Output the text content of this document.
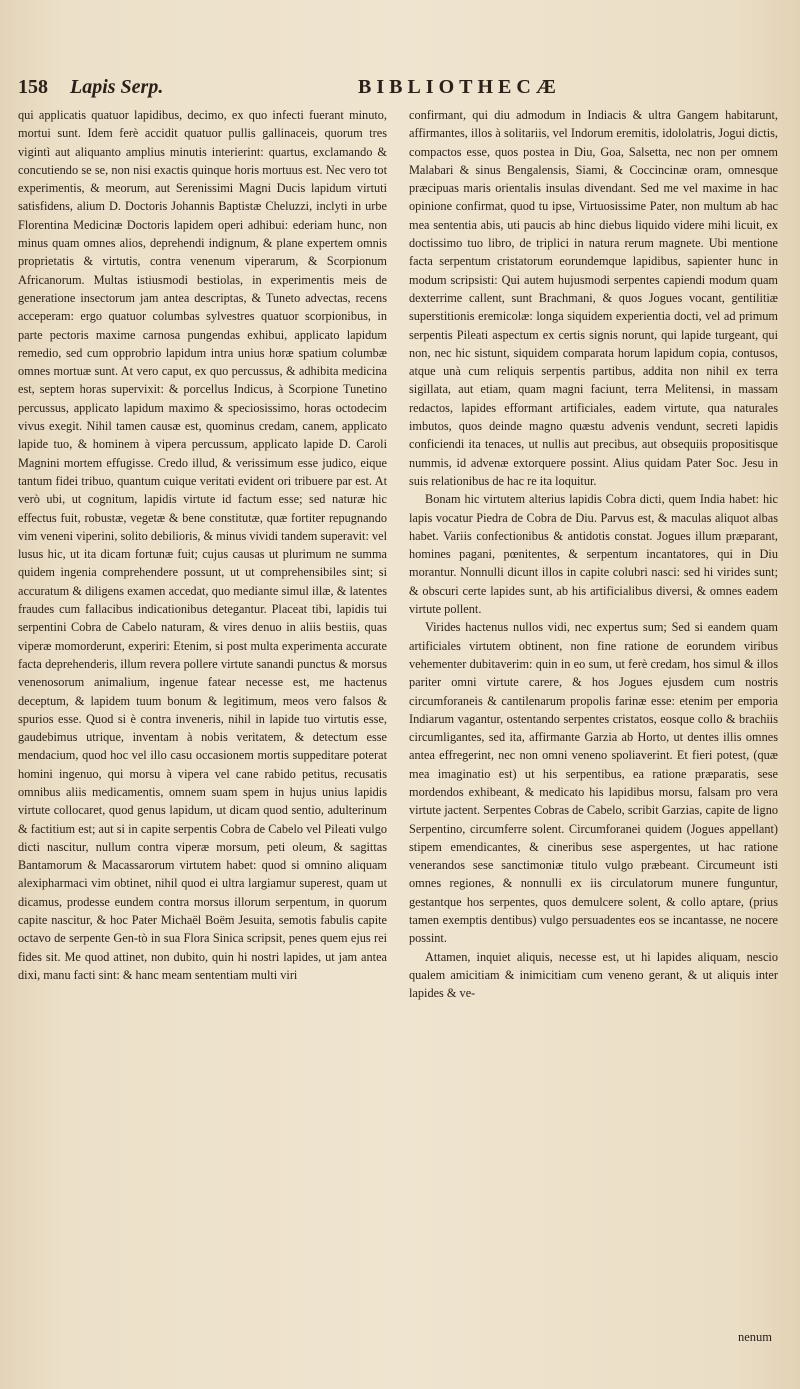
158 Lapis Serp.	BIBLIOTHECÆ

qui applicatis quatuor lapidibus, decimo, ex quo infecti fuerant minuto, mortui sunt. Idem ferè accidit quatuor pullis gallinaceis, quorum tres vigintì aut aliquanto amplius minutis interierint: quartus, exclamando & concutiendo se se, non nisi exactis quinque horis mortuus est. Nec vero tot experimentis, & meorum, aut Serenissimi Magni Ducis lapidum virtuti satisfidens, alium D. Doctoris Johannis Baptistæ Cheluzzi, inclyti in urbe Florentina Medicinæ Doctoris lapidem operi adhibui: ederiam hunc, non minus quam omnes alios, deprehendi indignum, & plane expertem omnis proprietatis & virtutis, contra venenum viperarum, & Scorpionum Africanorum. Multas istiusmodi bestiolas, in experimentis meis de generatione insectorum jam antea descriptas, & Tuneto advectas, recens acceperam: ergo quatuor columbas sylvestres quatuor scorpionibus, in parte pectoris maxime carnosa pungendas exhibui, applicato lapidum remedio, sed cum opprobrio lapidum intra unius horæ spatium columbæ omnes mortuæ sunt. At vero caput, ex quo percussus, & adhibita medicina est, septem horas supervixit: & porcellus Indicus, à Scorpione Tunetino percussus, applicato lapidum maximo & speciosissimo, horas octodecim vivus exegit. Nihil tamen causæ est, quominus credam, canem, applicato lapide tuo, & hominem à vipera percussum, applicato lapide D. Caroli Magnini mortem effugisse. Credo illud, & verissimum esse judico, eique tantum fidei tribuo, quantum cuique veritati evident ori tribuere par est. At verò ubi, ut cognitum, lapidis virtute id factum esse; sed naturæ hic effectus fuit, robustæ, vegetæ & bene constitutæ, quæ fortiter repugnando vim veneni viperini, solito debilioris, & minus vividi tandem superavit: vel lusus hic, ut ita dicam fortunæ fuit; cujus causas ut plurimum ne summa quidem ingenia comprehendere possunt, ut ut comprehensibiles sint; si accuratum & diligens examen accedat, quo mediante simul illæ, & latentes fraudes cum fallacibus indicationibus detegantur. Placeat tibi, lapidis tui serpentini Cobra de Cabelo naturam, & vires denuo in aliis bestiis, quas viperæ momorderunt, experiri: Etenim, si post multa experimenta accurate facta deprehenderis, illum revera pollere virtute sanandi punctus & morsus venenosorum animalium, ingenue fatear necesse est, me hactenus deceptum, & lapidem tuum bonum & legitimum, meos vero falsos & spurios esse. Quod si è contra inveneris, nihil in lapide tuo virtutis esse, gaudebimus utrique, inventam à nobis veritatem, & detectum esse mendacium, quod hoc vel illo casu occasionem mortis suppeditare poterat homini ingenuo, qui morsu à vipera vel cane rabido petitus, recusatis omnibus aliis medicamentis, omnem suam spem in hujus unius lapidis virtute collocaret, quod genus lapidum, ut dicam quod sentio, adulterinum & factitium est; aut si in capite serpentis Cobra de Cabelo vel Pileati vulgo dicti nascitur, nullum contra viperæ morsum, peti oleum, & sagittas Bantamorum & Macassarorum virtutem habet: quod si omnino aliquam alexipharmaci vim obtinet, nihil quod ei ultra largiamur superest, quam ut dicamus, prodesse eundem contra morsus illorum serpentum, in quorum capite nascitur, & hoc Pater Michaël Boëm Jesuita, semotis fabulis capite octavo de serpente Gen-tò in sua Flora Sinica scripsit, penes quem ejus rei fides sit. Me quod attinet, non dubito, quin hi nostri lapides, ut jam antea dixi, manu facti sint: & hanc meam sententiam multi viri

confirmant, qui diu admodum in Indiacis & ultra Gangem habitarunt, affirmantes, illos à solitariis, vel Indorum eremitis, idololatris, Jogui dictis, compactos esse, quos postea in Diu, Goa, Salsetta, nec non per omnem Malabari & sinus Bengalensis, Siami, & Coccincinæ oram, omnesque præcipuas maris orientalis insulas divendant. Sed me vel maxime in hac opinione confirmat, quod tu ipse, Virtuosissime Pater, non multum ab hac mea sententia abis, uti paucis ab hinc diebus liquido videre mihi licuit, ex doctissimo tuo libro, de triplici in natura rerum magnete. Ubi mentione facta serpentum cristatorum eorundemque lapidibus, sapienter hunc in modum scripsisti: Qui autem hujusmodi serpentes capiendi modum quam dexterrime callent, sunt Brachmani, & quos Jogues vocant, gentilitiæ superstitionis eremicolæ: longa siquidem experientia docti, vel ad primum serpentis Pileati aspectum ex certis signis norunt, qui lapide turgeant, qui non, nec hic sistunt, siquidem comparata horum lapidum copia, contusos, atque unà cum reliquis serpentis partibus, addita non nihil ex terra sigillata, aut etiam, quam magni faciunt, terra Melitensi, in massam redactos, lapides efformant artificiales, eadem virtute, qua naturales imbutos, quos deinde magno quæstu advenis vendunt, secreti lapidis conficiendi ita tenaces, ut nullis aut precibus, aut obsequiis propositisque nummis, id advenæ extorquere possint. Alius quidam Pater Soc. Jesu in suis relationibus de hac re ita loquitur.

Bonam hic virtutem alterius lapidis Cobra dicti, quem India habet: hic lapis vocatur Piedra de Cobra de Diu. Parvus est, & maculas aliquot albas habet. Variis confectionibus & antidotis constat. Jogues illum præparant, homines pagani, pœnitentes, & serpentum incantatores, qui in Diu morantur. Nonnulli dicunt illos in capite colubri nasci: sed hi virides sunt; & obscuri certe lapides sunt, ab his artificialibus diversi, & omnes eadem virtute pollent.

Virides hactenus nullos vidi, nec expertus sum; Sed si eandem quam artificiales virtutem obtinent, non fine ratione de eorundem viribus vehementer dubitaverim: quin in eo sum, ut ferè credam, hos simul & illos pariter omni virtute carere, & hos Jogues ejusdem cum nostris circumforaneis & cantilenarum propolis farinæ esse: etenim per emporia Indiarum vagantur, ostentando serpentes cristatos, eosque collo & brachiis circumligantes, sed ita, affirmante Garzia ab Horto, ut dentes illis omnes antea effregerint, nec non omni veneno spoliaverint. Et fieri potest, (quæ mea imaginatio est) ut his serpentibus, ea ratione præparatis, sese mordendos exhibeant, & medicato his lapidibus morsu, falsam pro vera virtute jactent. Serpentes Cobras de Cabelo, scribit Garzias, capite de ligno Serpentino, circumferre solent. Circumforanei quidem (Jogues appellant) stipem emendicantes, & cineribus sese aspergentes, ut hac ratione venerandos sese sanctimoniæ titulo vulgo præbeant. Circumeunt isti omnes regiones, & nonnulli ex iis circulatorum munere funguntur, gestantque hos serpentes, quos demulcere solent, & collo aptare, (prius tamen exemptis dentibus) vulgo persuadentes eos se incantasse, ne nocere possint.

Attamen, inquiet aliquis, necesse est, ut hi lapides aliquam, nescio qualem amicitiam & inimicitiam cum veneno gerant, & ut aliquis inter lapides & ve-

nenum
